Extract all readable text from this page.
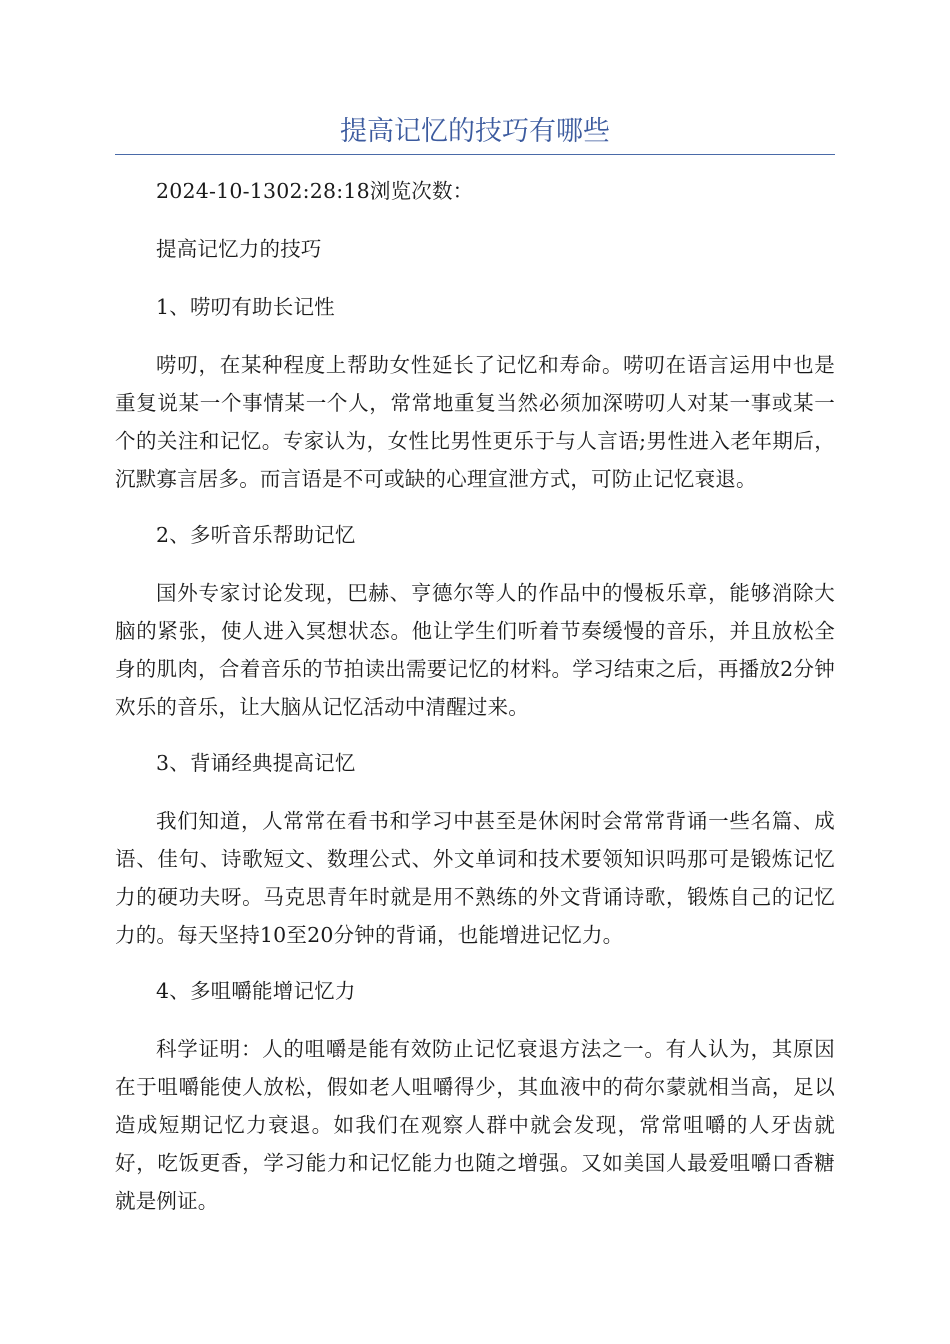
提高记忆的技巧有哪些

2024-10-1302:28:18浏览次数：

提高记忆力的技巧

1、唠叨有助长记性

唠叨，在某种程度上帮助女性延长了记忆和寿命。唠叨在语言运用中也是重复说某一个事情某一个人，常常地重复当然必须加深唠叨人对某一事或某一个的关注和记忆。专家认为，女性比男性更乐于与人言语;男性进入老年期后，沉默寡言居多。而言语是不可或缺的心理宣泄方式，可防止记忆衰退。

2、多听音乐帮助记忆

国外专家讨论发现，巴赫、亨德尔等人的作品中的慢板乐章，能够消除大脑的紧张，使人进入冥想状态。他让学生们听着节奏缓慢的音乐，并且放松全身的肌肉，合着音乐的节拍读出需要记忆的材料。学习结束之后，再播放2分钟欢乐的音乐，让大脑从记忆活动中清醒过来。

3、背诵经典提高记忆

我们知道，人常常在看书和学习中甚至是休闲时会常常背诵一些名篇、成语、佳句、诗歌短文、数理公式、外文单词和技术要领知识吗那可是锻炼记忆力的硬功夫呀。马克思青年时就是用不熟练的外文背诵诗歌，锻炼自己的记忆力的。每天坚持10至20分钟的背诵，也能增进记忆力。

4、多咀嚼能增记忆力

科学证明：人的咀嚼是能有效防止记忆衰退方法之一。有人认为，其原因在于咀嚼能使人放松，假如老人咀嚼得少，其血液中的荷尔蒙就相当高，足以造成短期记忆力衰退。如我们在观察人群中就会发现，常常咀嚼的人牙齿就好，吃饭更香，学习能力和记忆能力也随之增强。又如美国人最爱咀嚼口香糖就是例证。
